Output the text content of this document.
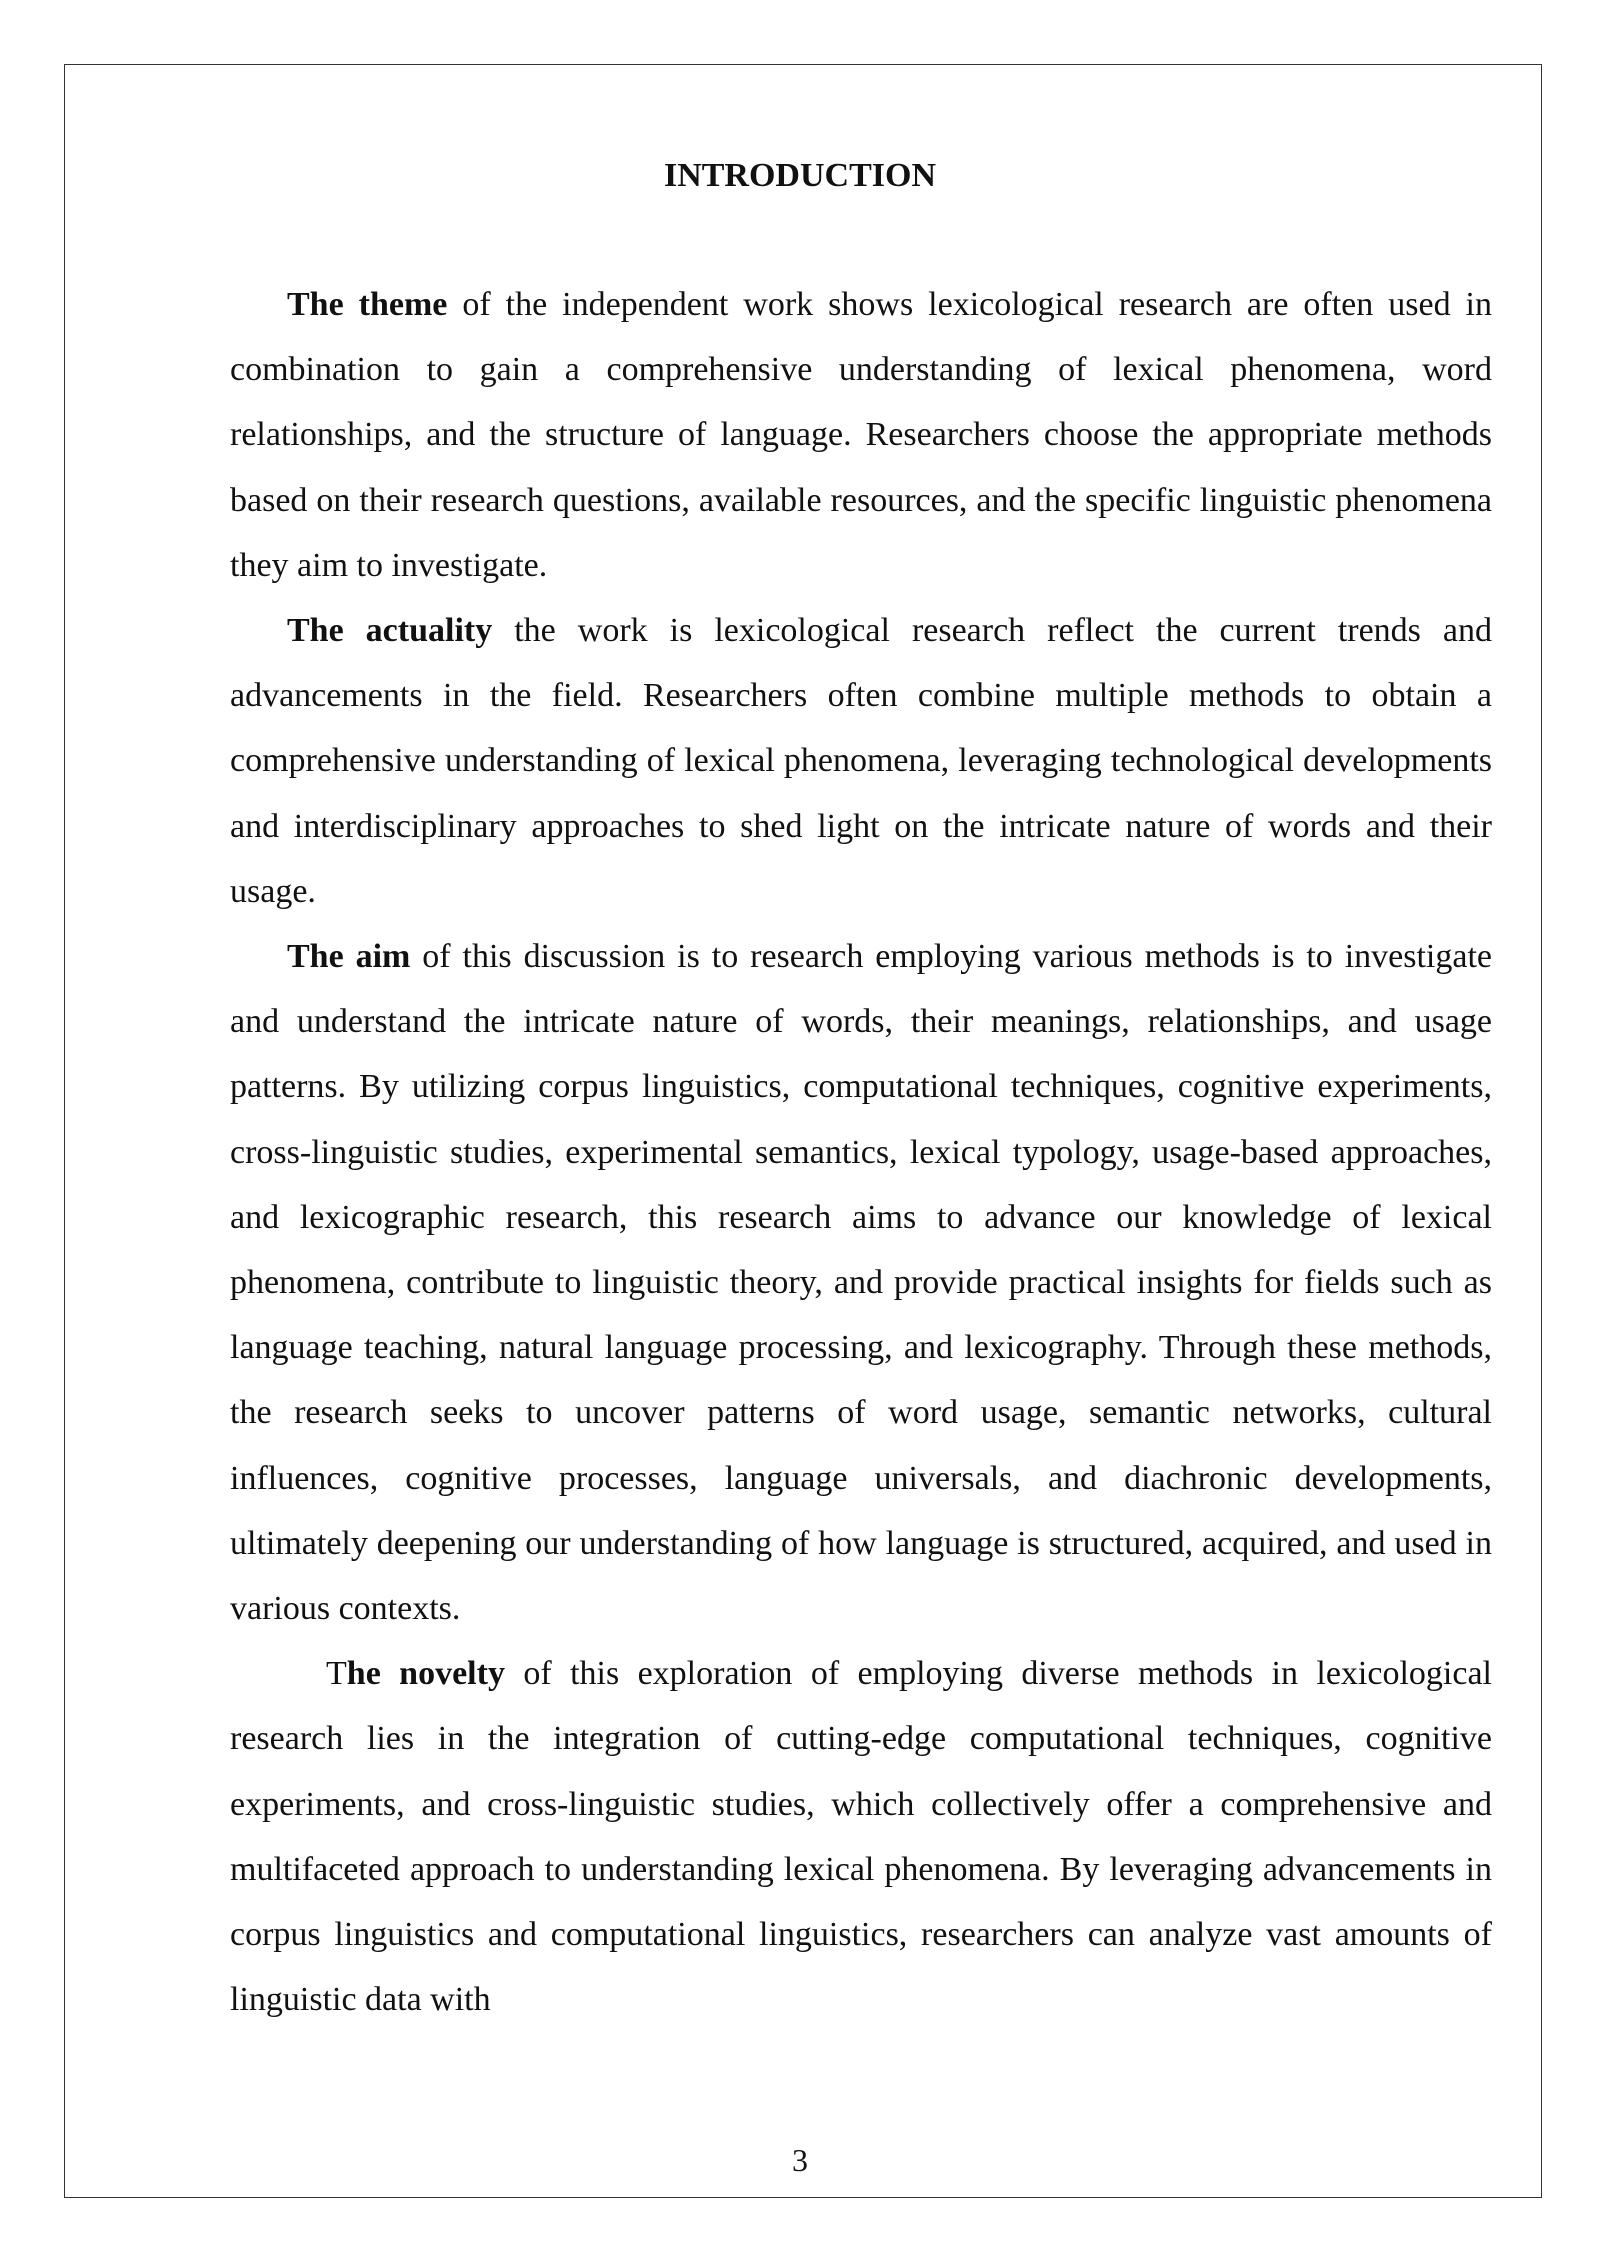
INTRODUCTION

The theme of the independent work shows lexicological research are often used in combination to gain a comprehensive understanding of lexical phenomena, word relationships, and the structure of language. Researchers choose the appropriate methods based on their research questions, available resources, and the specific linguistic phenomena they aim to investigate.

The actuality the work is lexicological research reflect the current trends and advancements in the field. Researchers often combine multiple methods to obtain a comprehensive understanding of lexical phenomena, leveraging technological developments and interdisciplinary approaches to shed light on the intricate nature of words and their usage.

The aim of this discussion is to research employing various methods is to investigate and understand the intricate nature of words, their meanings, relationships, and usage patterns. By utilizing corpus linguistics, computational techniques, cognitive experiments, cross-linguistic studies, experimental semantics, lexical typology, usage-based approaches, and lexicographic research, this research aims to advance our knowledge of lexical phenomena, contribute to linguistic theory, and provide practical insights for fields such as language teaching, natural language processing, and lexicography. Through these methods, the research seeks to uncover patterns of word usage, semantic networks, cultural influences, cognitive processes, language universals, and diachronic developments, ultimately deepening our understanding of how language is structured, acquired, and used in various contexts.

The novelty of this exploration of employing diverse methods in lexicological research lies in the integration of cutting-edge computational techniques, cognitive experiments, and cross-linguistic studies, which collectively offer a comprehensive and multifaceted approach to understanding lexical phenomena. By leveraging advancements in corpus linguistics and computational linguistics, researchers can analyze vast amounts of linguistic data with

3
